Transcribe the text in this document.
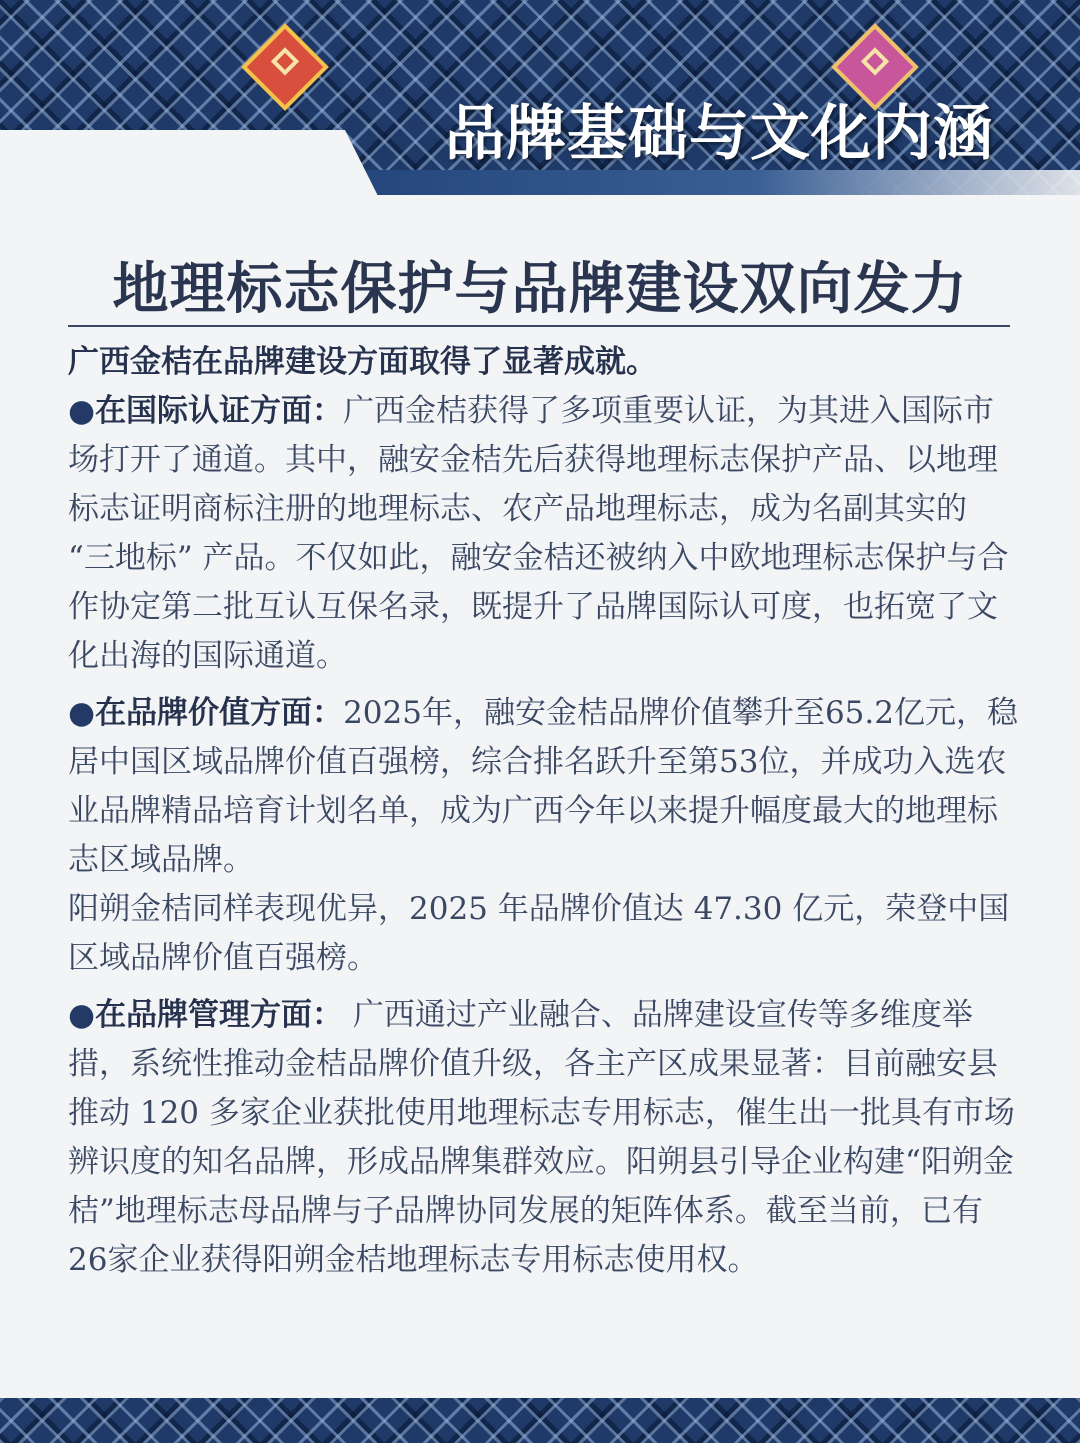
品牌基础与文化内涵
地理标志保护与品牌建设双向发力

广西金桔在品牌建设方面取得了显著成就。

●在国际认证方面：广西金桔获得了多项重要认证，为其进入国际市场打开了通道。其中，融安金桔先后获得地理标志保护产品、以地理标志证明商标注册的地理标志、农产品地理标志，成为名副其实的 “三地标” 产品。不仅如此，融安金桔还被纳入中欧地理标志保护与合作协定第二批互认互保名录，既提升了品牌国际认可度，也拓宽了文化出海的国际通道。

●在品牌价值方面：2025年，融安金桔品牌价值攀升至65.2亿元，稳居中国区域品牌价值百强榜，综合排名跃升至第53位，并成功入选农业品牌精品培育计划名单，成为广西今年以来提升幅度最大的地理标志区域品牌。

阳朔金桔同样表现优异，2025 年品牌价值达 47.30 亿元，荣登中国区域品牌价值百强榜。

●在品牌管理方面： 广西通过产业融合、品牌建设宣传等多维度举措，系统性推动金桔品牌价值升级，各主产区成果显著：目前融安县推动 120 多家企业获批使用地理标志专用标志，催生出一批具有市场辨识度的知名品牌，形成品牌集群效应。阳朔县引导企业构建“阳朔金桔”地理标志母品牌与子品牌协同发展的矩阵体系。截至当前，已有26家企业获得阳朔金桔地理标志专用标志使用权。
